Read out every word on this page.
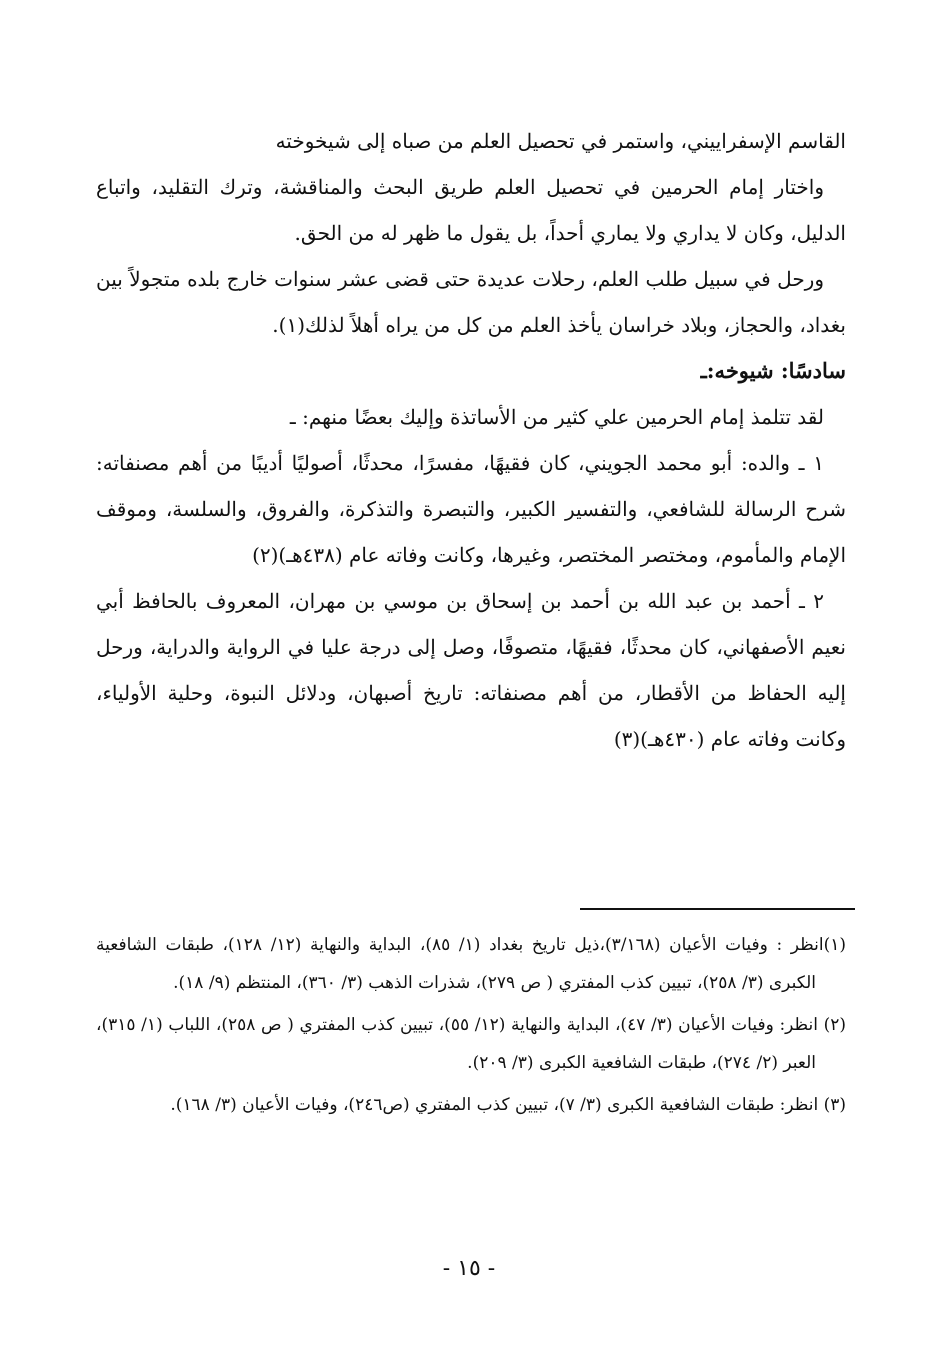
القاسم الإسفراييني، واستمر في تحصيل العلم من صباه إلى شيخوخته

واختار إمام الحرمين في تحصيل العلم طريق البحث والمناقشة، وترك التقليد، واتباع الدليل، وكان لا يداري ولا يماري أحداً، بل يقول ما ظهر له من الحق.

ورحل في سبيل طلب العلم، رحلات عديدة حتى قضى عشر سنوات خارج بلده متجولاً بين بغداد، والحجاز، وبلاد خراسان يأخذ العلم من كل من يراه أهلاً لذلك(١).

سادسًا: شيوخه:ـ

لقد تتلمذ إمام الحرمين علي كثير من الأساتذة وإليك بعضًا منهم: ـ

١ ـ والده: أبو محمد الجويني، كان فقيهًا، مفسرًا، محدثًا، أصوليًا أديبًا من أهم مصنفاته: شرح الرسالة للشافعي، والتفسير الكبير، والتبصرة والتذكرة، والفروق، والسلسة، وموقف الإمام والمأموم، ومختصر المختصر، وغيرها، وكانت وفاته عام (٤٣٨هـ)(٢)

٢ ـ أحمد بن عبد الله بن أحمد بن إسحاق بن موسي بن مهران، المعروف بالحافظ أبي نعيم الأصفهاني، كان محدثًا، فقيهًا، متصوفًا، وصل إلى درجة عليا في الرواية والدراية، ورحل إليه الحفاظ من الأقطار، من أهم مصنفاته: تاريخ أصبهان، ودلائل النبوة، وحلية الأولياء، وكانت وفاته عام (٤٣٠هـ)(٣)

(١)انظر : وفيات الأعيان (٣/١٦٨)،ذيل تاريخ بغداد (١/ ٨٥)، البداية والنهاية (١٢/ ١٢٨)، طبقات الشافعية الكبرى (٣/ ٢٥٨)، تبيين كذب المفتري ( ص ٢٧٩)، شذرات الذهب (٣/ ٣٦٠)، المنتظم (٩/ ١٨).

(٢) انظر: وفيات الأعيان (٣/ ٤٧)، البداية والنهاية (١٢/ ٥٥)، تبيين كذب المفتري ( ص ٢٥٨)، اللباب (١/ ٣١٥)، العبر (٢/ ٢٧٤)، طبقات الشافعية الكبرى (٣/ ٢٠٩).

(٣) انظر: طبقات الشافعية الكبرى (٣/ ٧)، تبيين كذب المفتري (ص٢٤٦)، وفيات الأعيان (٣/ ١٦٨).

- ١٥ -
